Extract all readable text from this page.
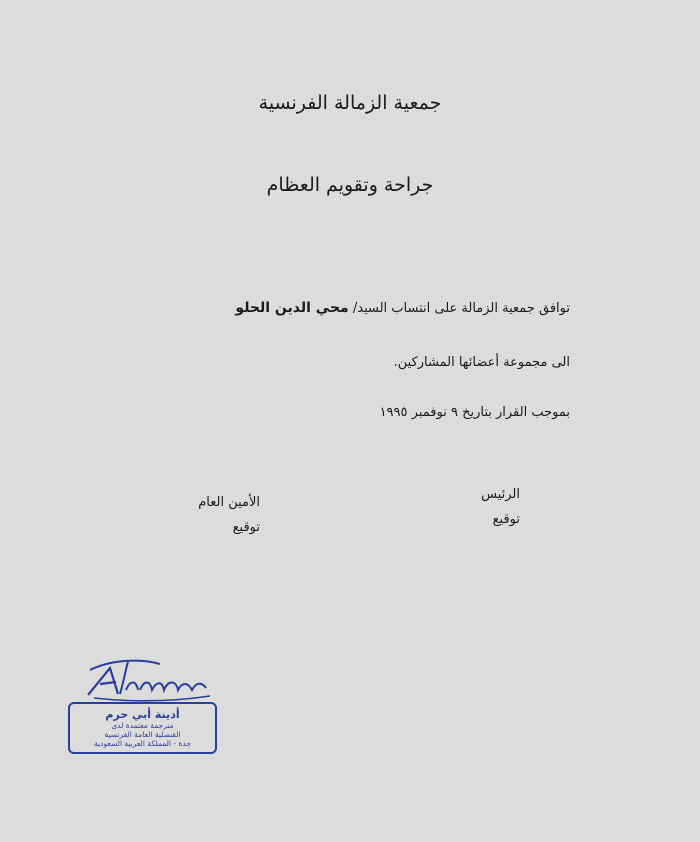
جمعية الزمالة الفرنسية
جراحة وتقويم العظام
توافق جمعية الزمالة على انتساب السيد/ محي الدين الحلو
الى مجموعة أعضائها المشاركين.
بموجب القرار بتاريخ ٩ نوفمبر ١٩٩٥
الرئيس
توقيع
الأمين العام
توقيع
أدينة أبي حرم
مترجمة معتمدة لدى
القنصلية العامة الفرنسية
جدة - المملكة العربية السعودية
